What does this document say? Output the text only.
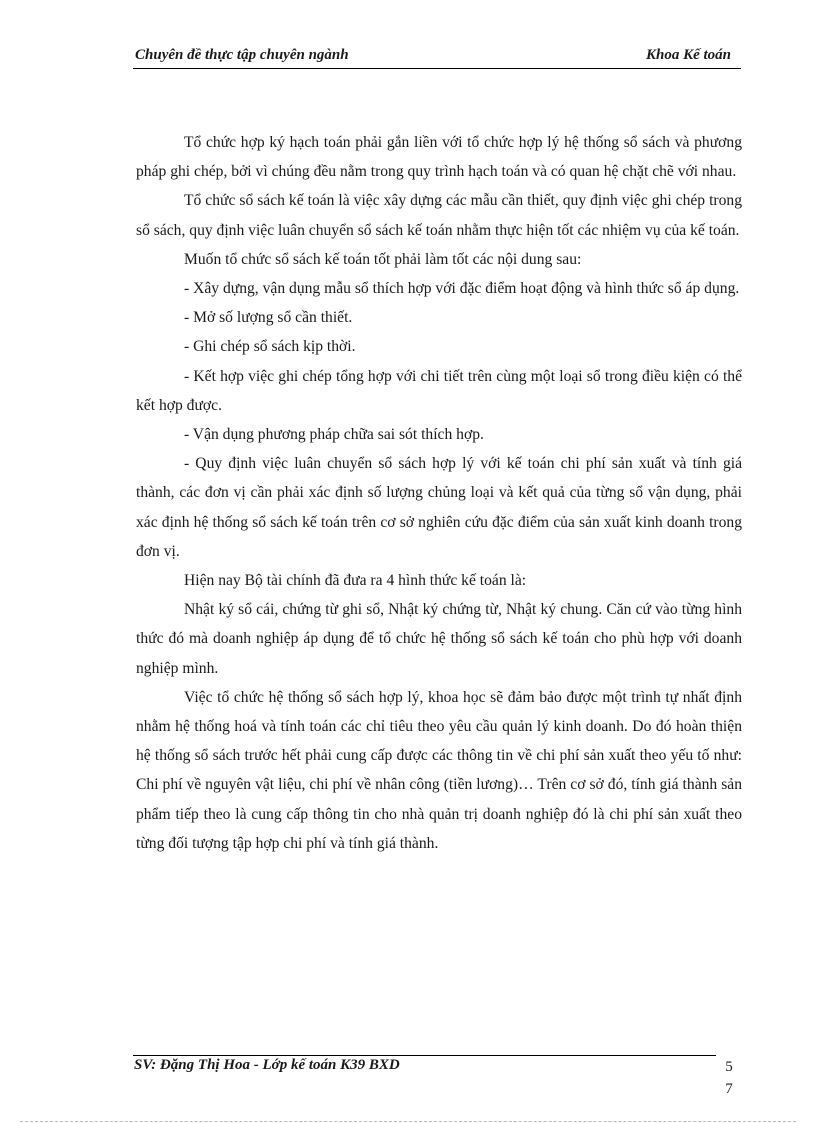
Chuyên đề thực tập chuyên ngành	Khoa Kế toán

Tổ chức hợp ký hạch toán phải gắn liền với tổ chức hợp lý hệ thống sổ sách và phương pháp ghi chép, bởi vì chúng đều nằm trong quy trình hạch toán và có quan hệ chặt chẽ với nhau.

Tổ chức sổ sách kế toán là việc xây dựng các mẫu cần thiết, quy định việc ghi chép trong sổ sách, quy định việc luân chuyển sổ sách kế toán nhằm thực hiện tốt các nhiệm vụ của kế toán.

Muốn tổ chức sổ sách kế toán tốt phải làm tốt các nội dung sau:

- Xây dựng, vận dụng mẫu sổ thích hợp với đặc điểm hoạt động và hình thức sổ áp dụng.

- Mở số lượng sổ cần thiết.

- Ghi chép sổ sách kịp thời.

- Kết hợp việc ghi chép tổng hợp với chi tiết trên cùng một loại sổ trong điều kiện có thể kết hợp được.

- Vận dụng phương pháp chữa sai sót thích hợp.

- Quy định việc luân chuyển sổ sách hợp lý với kế toán chi phí sản xuất và tính giá thành, các đơn vị cần phải xác định số lượng chủng loại và kết quả của từng sổ vận dụng, phải xác định hệ thống sổ sách kế toán trên cơ sở nghiên cứu đặc điểm của sản xuất kinh doanh trong đơn vị.

Hiện nay Bộ tài chính đã đưa ra 4 hình thức kế toán là:

Nhật ký sổ cái, chứng từ ghi sổ, Nhật ký chứng từ, Nhật ký chung. Căn cứ vào từng hình thức đó mà doanh nghiệp áp dụng để tổ chức hệ thống sổ sách kế toán cho phù hợp với doanh nghiệp mình.

Việc tổ chức hệ thống sổ sách hợp lý, khoa học sẽ đảm bảo được một trình tự nhất định nhằm hệ thống hoá và tính toán các chỉ tiêu theo yêu cầu quản lý kinh doanh. Do đó hoàn thiện hệ thống sổ sách trước hết phải cung cấp được các thông tin về chi phí sản xuất theo yếu tố như: Chi phí về nguyên vật liệu, chi phí về nhân công (tiền lương)… Trên cơ sở đó, tính giá thành sản phẩm tiếp theo là cung cấp thông tin cho nhà quản trị doanh nghiệp đó là chi phí sản xuất theo từng đối tượng tập hợp chi phí và tính giá thành.

SV: Đặng Thị Hoa - Lớp kế toán K39 BXD	57
